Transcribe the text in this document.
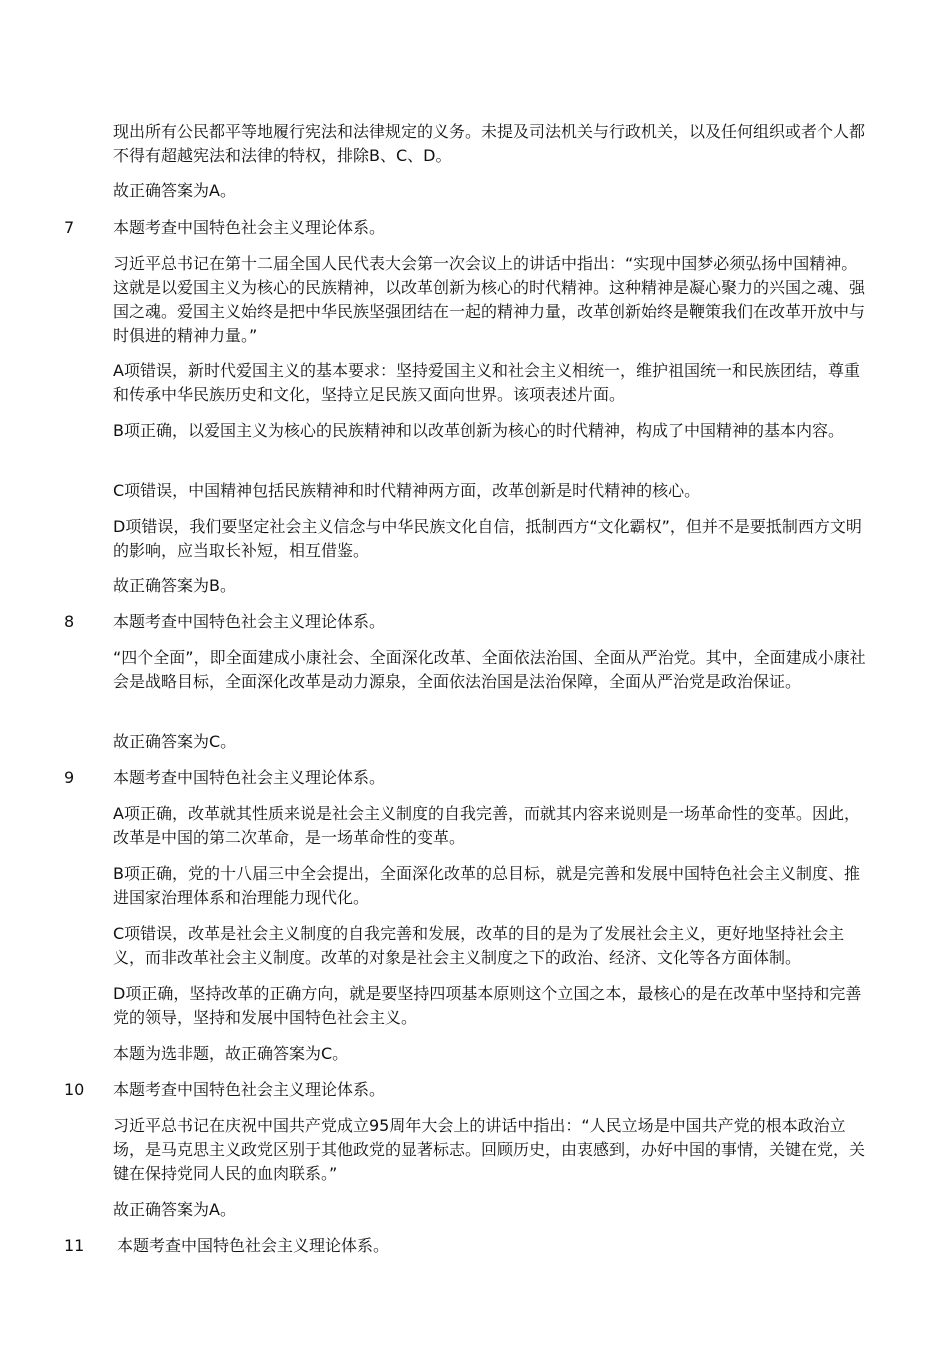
现出所有公民都平等地履行宪法和法律规定的义务。未提及司法机关与行政机关，以及任何组织或者个人都不得有超越宪法和法律的特权，排除B、C、D。

故正确答案为A。

7 本题考查中国特色社会主义理论体系。

习近平总书记在第十二届全国人民代表大会第一次会议上的讲话中指出：“实现中国梦必须弘扬中国精神。这就是以爱国主义为核心的民族精神，以改革创新为核心的时代精神。这种精神是凝心聚力的兴国之魂、强国之魂。爱国主义始终是把中华民族坚强团结在一起的精神力量，改革创新始终是鞭策我们在改革开放中与时俱进的精神力量。”

A项错误，新时代爱国主义的基本要求：坚持爱国主义和社会主义相统一，维护祖国统一和民族团结，尊重和传承中华民族历史和文化，坚持立足民族又面向世界。该项表述片面。

B项正确，以爱国主义为核心的民族精神和以改革创新为核心的时代精神，构成了中国精神的基本内容。

C项错误，中国精神包括民族精神和时代精神两方面，改革创新是时代精神的核心。

D项错误，我们要坚定社会主义信念与中华民族文化自信，抵制西方“文化霸权”，但并不是要抵制西方文明的影响，应当取长补短，相互借鉴。

故正确答案为B。

8 本题考查中国特色社会主义理论体系。

“四个全面”，即全面建成小康社会、全面深化改革、全面依法治国、全面从严治党。其中，全面建成小康社会是战略目标，全面深化改革是动力源泉，全面依法治国是法治保障，全面从严治党是政治保证。

故正确答案为C。

9 本题考查中国特色社会主义理论体系。

A项正确，改革就其性质来说是社会主义制度的自我完善，而就其内容来说则是一场革命性的变革。因此，改革是中国的第二次革命，是一场革命性的变革。

B项正确，党的十八届三中全会提出，全面深化改革的总目标，就是完善和发展中国特色社会主义制度、推进国家治理体系和治理能力现代化。

C项错误，改革是社会主义制度的自我完善和发展，改革的目的是为了发展社会主义，更好地坚持社会主义，而非改革社会主义制度。改革的对象是社会主义制度之下的政治、经济、文化等各方面体制。

D项正确，坚持改革的正确方向，就是要坚持四项基本原则这个立国之本，最核心的是在改革中坚持和完善党的领导，坚持和发展中国特色社会主义。

本题为选非题，故正确答案为C。

10 本题考查中国特色社会主义理论体系。

习近平总书记在庆祝中国共产党成立95周年大会上的讲话中指出：“人民立场是中国共产党的根本政治立场，是马克思主义政党区别于其他政党的显著标志。回顾历史，由衷感到，办好中国的事情，关键在党，关键在保持党同人民的血肉联系。”

故正确答案为A。

11 本题考查中国特色社会主义理论体系。
